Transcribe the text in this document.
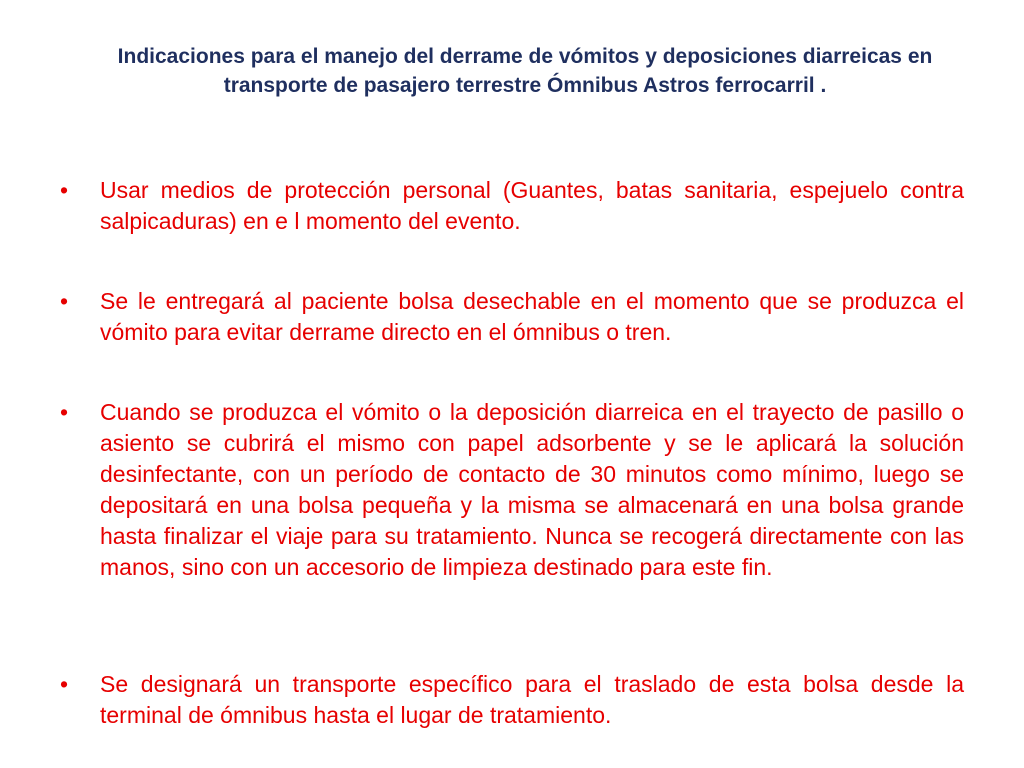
Indicaciones para el manejo del derrame de vómitos y deposiciones diarreicas en transporte de pasajero terrestre Ómnibus Astros ferrocarril .
•	Usar medios de protección personal (Guantes, batas sanitaria, espejuelo contra salpicaduras) en e l momento del evento.
•	Se le entregará al paciente bolsa desechable en el momento que se produzca el vómito para evitar derrame directo en el ómnibus o tren.
•	Cuando se produzca el vómito o la deposición diarreica en el trayecto de pasillo o asiento se cubrirá el mismo con papel adsorbente y se le aplicará la solución desinfectante, con un período de contacto de 30 minutos como mínimo, luego se depositará en una bolsa pequeña y la misma se almacenará en una bolsa grande hasta finalizar el viaje para su tratamiento. Nunca se recogerá directamente con las manos, sino con un accesorio de limpieza destinado para este fin.
•	Se designará un transporte específico para el traslado de esta bolsa desde la terminal de ómnibus hasta el lugar de tratamiento.
